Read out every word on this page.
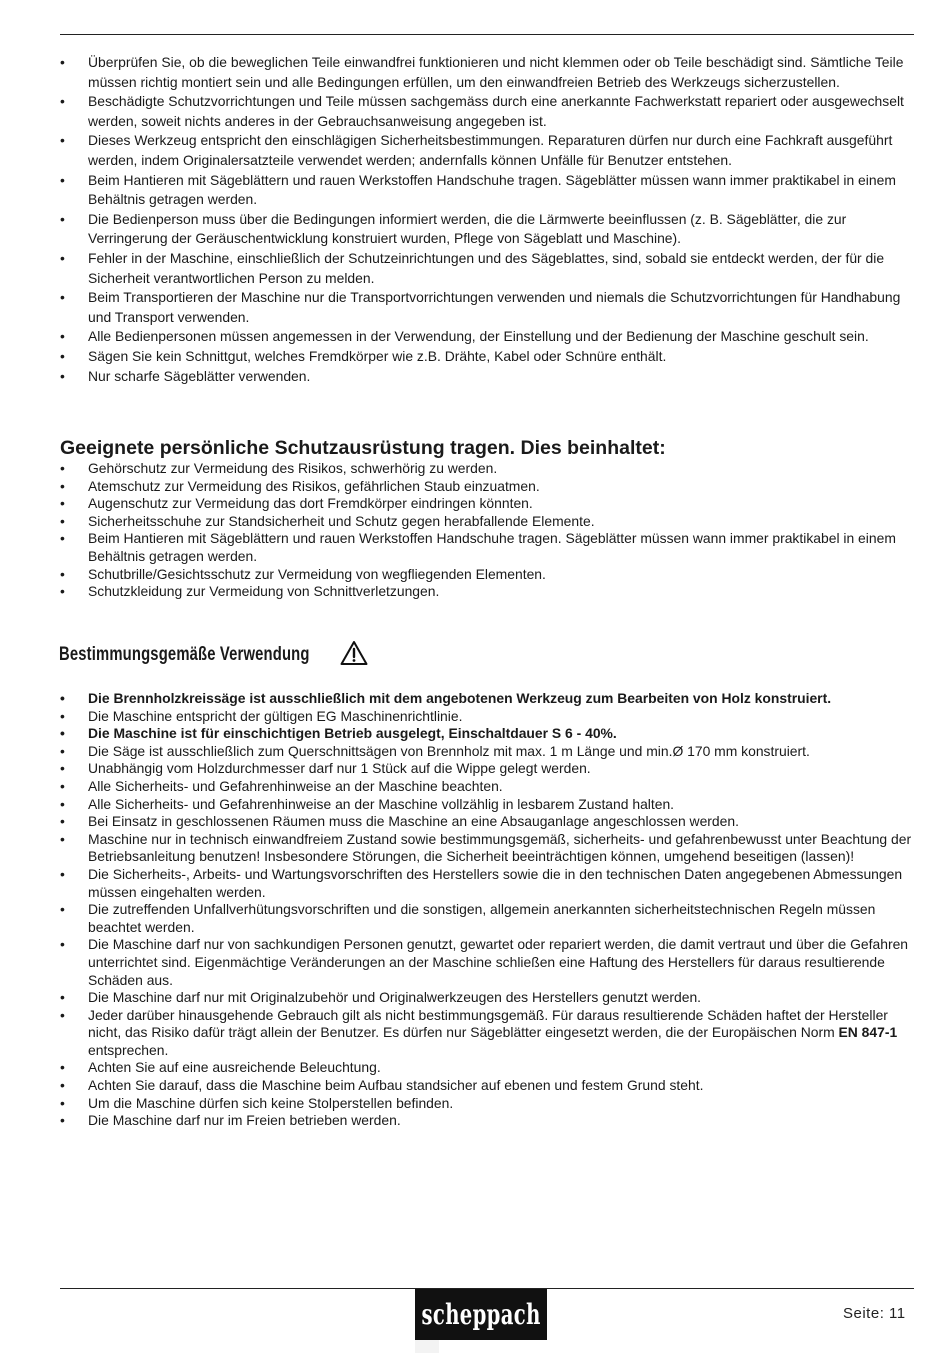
• Überprüfen Sie, ob die beweglichen Teile einwandfrei funktionieren und nicht klemmen oder ob Teile beschädigt sind. Sämtliche Teile müssen richtig montiert sein und alle Bedingungen erfüllen, um den einwandfreien Betrieb des Werkzeugs sicherzustellen.
• Beschädigte Schutzvorrichtungen und Teile müssen sachgemäss durch eine anerkannte Fachwerkstatt repariert oder ausgewechselt werden, soweit nichts anderes in der Gebrauchsanweisung angegeben ist.
• Dieses Werkzeug entspricht den einschlägigen Sicherheitsbestimmungen. Reparaturen dürfen nur durch eine Fachkraft ausgeführt werden, indem Originalersatzteile verwendet werden; andernfalls können Unfälle für Benutzer entstehen.
• Beim Hantieren mit Sägeblättern und rauen Werkstoffen Handschuhe tragen. Sägeblätter müssen wann immer praktikabel in einem Behältnis getragen werden.
• Die Bedienperson muss über die Bedingungen informiert werden, die die Lärmwerte beeinflussen (z. B. Sägeblätter, die zur Verringerung der Geräuschentwicklung konstruiert wurden, Pflege von Sägeblatt und Maschine).
• Fehler in der Maschine, einschließlich der Schutzeinrichtungen und des Sägeblattes, sind, sobald sie entdeckt werden, der für die Sicherheit verantwortlichen Person zu melden.
• Beim Transportieren der Maschine nur die Transportvorrichtungen verwenden und niemals die Schutzvorrichtungen für Handhabung und Transport verwenden.
• Alle Bedienpersonen müssen angemessen in der Verwendung, der Einstellung und der Bedienung der Maschine geschult sein.
• Sägen Sie kein Schnittgut, welches Fremdkörper wie z.B. Drähte, Kabel oder Schnüre enthält.
• Nur scharfe Sägeblätter verwenden.
Geeignete persönliche Schutzausrüstung tragen. Dies beinhaltet:
• Gehörschutz zur Vermeidung des Risikos, schwerhörig zu werden.
• Atemschutz zur Vermeidung des Risikos, gefährlichen Staub einzuatmen.
• Augenschutz zur Vermeidung das dort Fremdkörper eindringen könnten.
• Sicherheitsschuhe zur Standsicherheit und Schutz gegen herabfallende Elemente.
• Beim Hantieren mit Sägeblättern und rauen Werkstoffen Handschuhe tragen. Sägeblätter müssen wann immer praktikabel in einem Behältnis getragen werden.
• Schutbrille/Gesichtsschutz zur Vermeidung von wegfliegenden Elementen.
• Schutzkleidung zur Vermeidung von Schnittverletzungen.
Bestimmungsgemäße Verwendung
• Die Brennholzkreissäge ist ausschließlich mit dem angebotenen Werkzeug zum Bearbeiten von Holz konstruiert.
• Die Maschine entspricht der gültigen EG Maschinenrichtlinie.
• Die Maschine ist für einschichtigen Betrieb ausgelegt, Einschaltdauer S 6 - 40%.
• Die Säge ist ausschließlich zum Querschnittsägen von Brennholz mit max. 1 m Länge und min.Ø 170 mm konstruiert.
• Unabhängig vom Holzdurchmesser darf nur 1 Stück auf die Wippe gelegt werden.
• Alle Sicherheits- und Gefahrenhinweise an der Maschine beachten.
• Alle Sicherheits- und Gefahrenhinweise an der Maschine vollzählig in lesbarem Zustand halten.
• Bei Einsatz in geschlossenen Räumen muss die Maschine an eine Absauganlage angeschlossen werden.
• Maschine nur in technisch einwandfreiem Zustand sowie bestimmungsgemäß, sicherheits- und gefahrenbewusst unter Beachtung der Betriebsanleitung benutzen! Insbesondere Störungen, die Sicherheit beeinträchtigen können, umgehend beseitigen (lassen)!
• Die Sicherheits-, Arbeits- und Wartungsvorschriften des Herstellers sowie die in den technischen Daten angegebenen Abmessungen müssen eingehalten werden.
• Die zutreffenden Unfallverhütungsvorschriften und die sonstigen, allgemein anerkannten sicherheitstechnischen Regeln müssen beachtet werden.
• Die Maschine darf nur von sachkundigen Personen genutzt, gewartet oder repariert werden, die damit vertraut und über die Gefahren unterrichtet sind. Eigenmächtige Veränderungen an der Maschine schließen eine Haftung des Herstellers für daraus resultierende Schäden aus.
• Die Maschine darf nur mit Originalzubehör und Originalwerkzeugen des Herstellers genutzt werden.
• Jeder darüber hinausgehende Gebrauch gilt als nicht bestimmungsgemäß. Für daraus resultierende Schäden haftet der Hersteller nicht, das Risiko dafür trägt allein der Benutzer. Es dürfen nur Sägeblätter eingesetzt werden, die der Europäischen Norm EN 847-1 entsprechen.
• Achten Sie auf eine ausreichende Beleuchtung.
• Achten Sie darauf, dass die Maschine beim Aufbau standsicher auf ebenen und festem Grund steht.
• Um die Maschine dürfen sich keine Stolperstellen befinden.
• Die Maschine darf nur im Freien betrieben werden.
scheppach	Seite: 11
